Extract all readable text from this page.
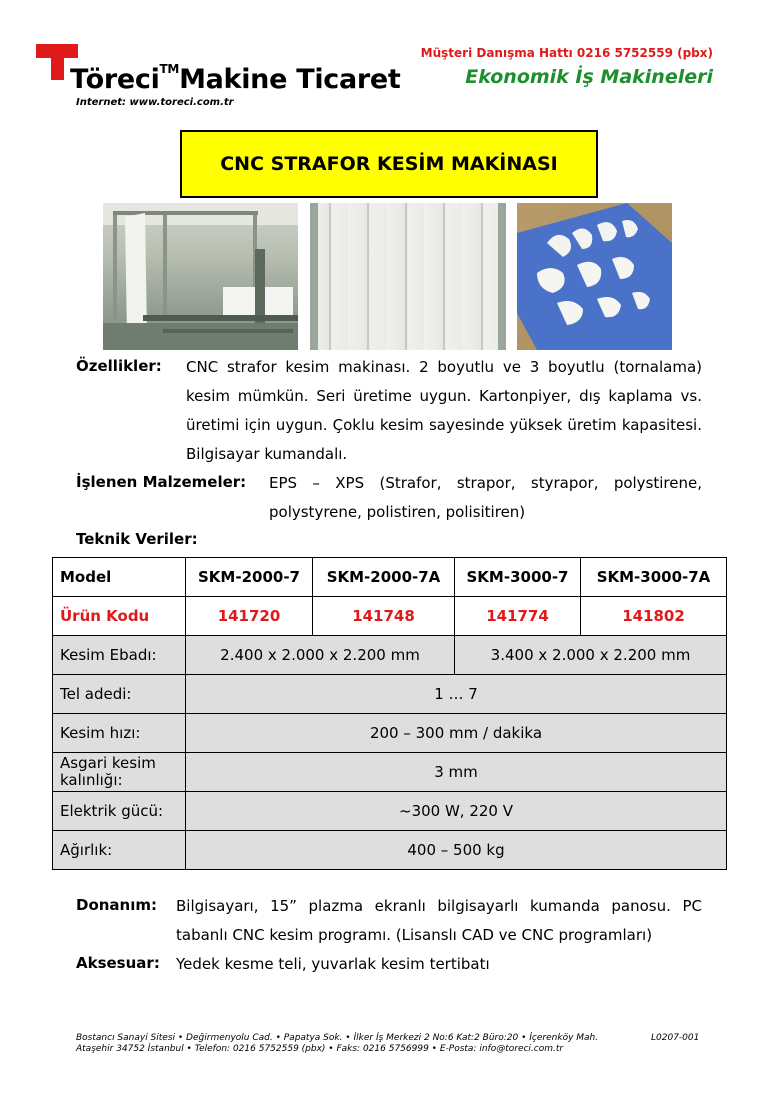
Töreci™Makine Ticaret
Internet: www.toreci.com.tr
Müşteri Danışma Hattı 0216 5752559 (pbx)
Ekonomik İş Makineleri
CNC STRAFOR KESİM MAKİNASI
Özellikler: CNC strafor kesim makinası. 2 boyutlu ve 3 boyutlu (tornalama) kesim mümkün. Seri üretime uygun. Kartonpiyer, dış kaplama vs. üretimi için uygun. Çoklu kesim sayesinde yüksek üretim kapasitesi. Bilgisayar kumandalı.
İşlenen Malzemeler: EPS – XPS (Strafor, strapor, styrapor, polystirene, polystyrene, polistiren, polisitiren)
Teknik Veriler:
Model	SKM-2000-7	SKM-2000-7A	SKM-3000-7	SKM-3000-7A
Ürün Kodu	141720	141748	141774	141802
Kesim Ebadı:	2.400 x 2.000 x 2.200 mm		3.400 x 2.000 x 2.200 mm	
Tel adedi:	1 … 7			
Kesim hızı:	200 – 300 mm / dakika			
Asgari kesim kalınlığı:	3 mm			
Elektrik gücü:	~300 W, 220 V			
Ağırlık:	400 – 500 kg			
Donanım: Bilgisayarı, 15” plazma ekranlı bilgisayarlı kumanda panosu. PC tabanlı CNC kesim programı. (Lisanslı CAD ve CNC programları)
Aksesuar: Yedek kesme teli, yuvarlak kesim tertibatı
Bostancı Sanayi Sitesi • Değirmenyolu Cad. • Papatya Sok. • İlker İş Merkezi 2 No:6 Kat:2 Büro:20 • İçerenköy Mah.
Ataşehir 34752 İstanbul • Telefon: 0216 5752559 (pbx) • Faks: 0216 5756999 • E-Posta: info@toreci.com.tr
L0207-001
